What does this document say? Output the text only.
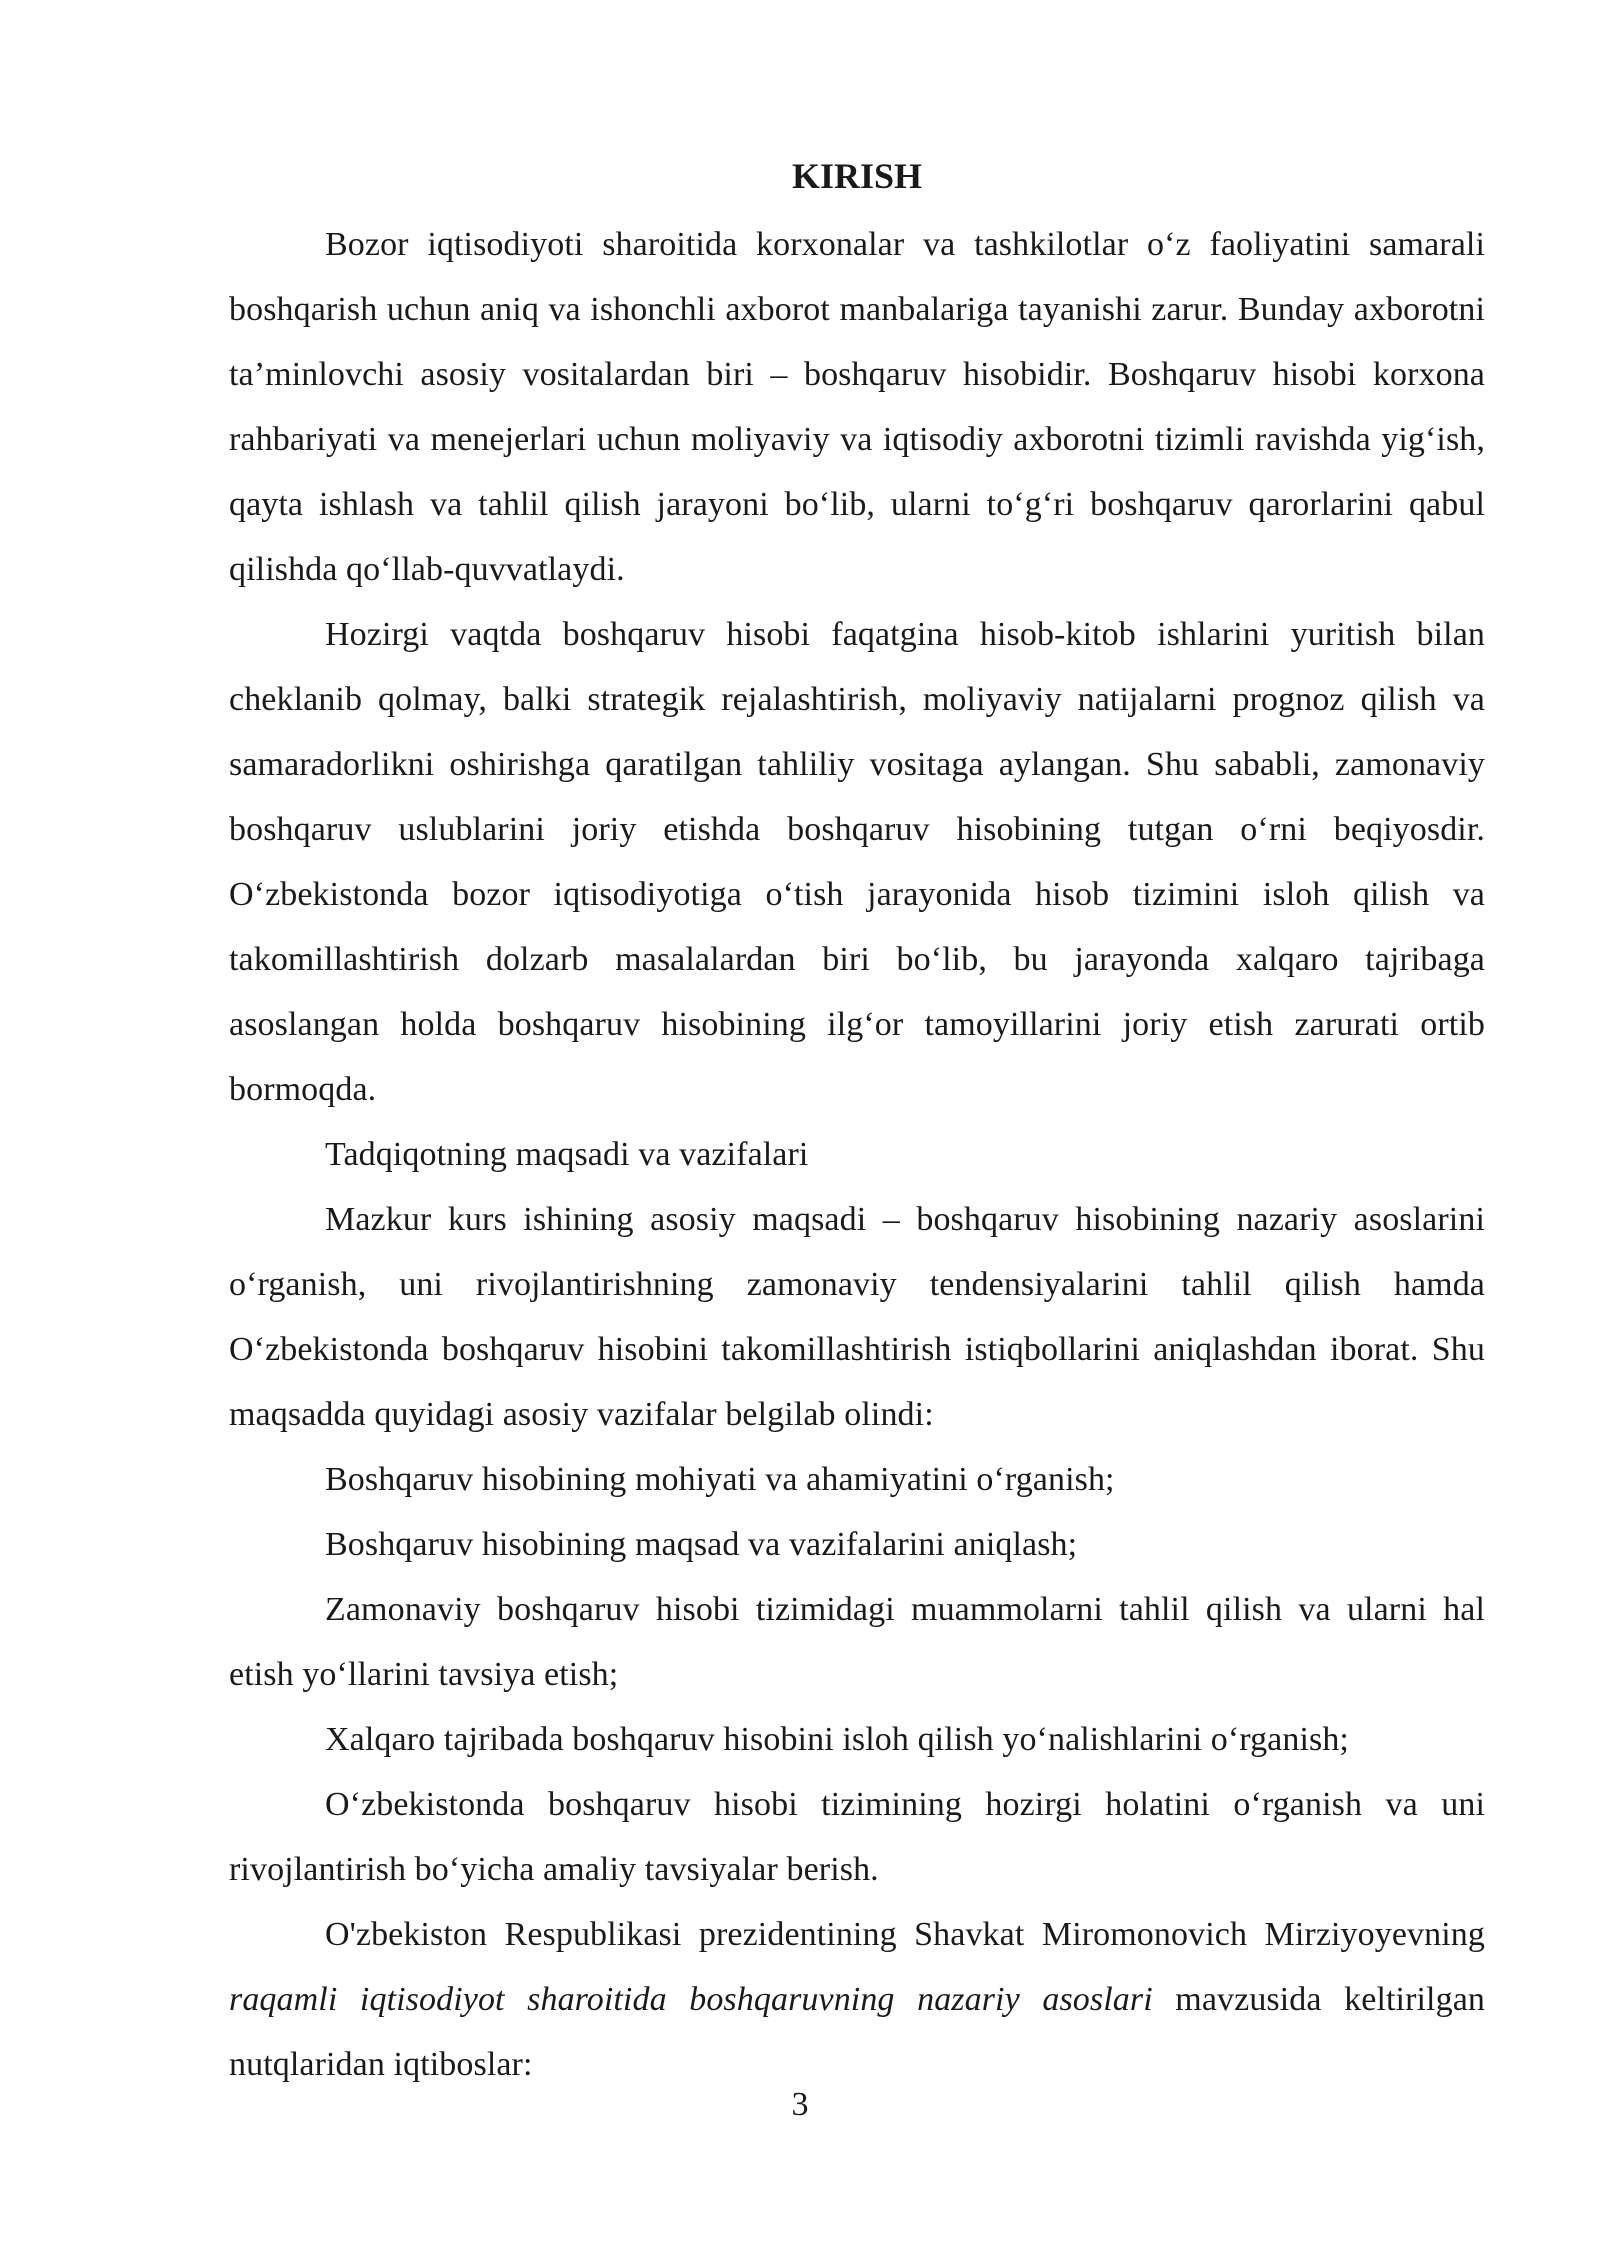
KIRISH

Bozor iqtisodiyoti sharoitida korxonalar va tashkilotlar o‘z faoliyatini samarali boshqarish uchun aniq va ishonchli axborot manbalariga tayanishi zarur. Bunday axborotni ta’minlovchi asosiy vositalardan biri – boshqaruv hisobidir. Boshqaruv hisobi korxona rahbariyati va menejerlari uchun moliyaviy va iqtisodiy axborotni tizimli ravishda yig‘ish, qayta ishlash va tahlil qilish jarayoni bo‘lib, ularni to‘g‘ri boshqaruv qarorlarini qabul qilishda qo‘llab-quvvatlaydi.

Hozirgi vaqtda boshqaruv hisobi faqatgina hisob-kitob ishlarini yuritish bilan cheklanib qolmay, balki strategik rejalashtirish, moliyaviy natijalarni prognoz qilish va samaradorlikni oshirishga qaratilgan tahliliy vositaga aylangan. Shu sababli, zamonaviy boshqaruv uslublarini joriy etishda boshqaruv hisobining tutgan o‘rni beqiyosdir. O‘zbekistonda bozor iqtisodiyotiga o‘tish jarayonida hisob tizimini isloh qilish va takomillashtirish dolzarb masalalardan biri bo‘lib, bu jarayonda xalqaro tajribaga asoslangan holda boshqaruv hisobining ilg‘or tamoyillarini joriy etish zarurati ortib bormoqda.

Tadqiqotning maqsadi va vazifalari

Mazkur kurs ishining asosiy maqsadi – boshqaruv hisobining nazariy asoslarini o‘rganish, uni rivojlantirishning zamonaviy tendensiyalarini tahlil qilish hamda O‘zbekistonda boshqaruv hisobini takomillashtirish istiqbollarini aniqlashdan iborat. Shu maqsadda quyidagi asosiy vazifalar belgilab olindi:

Boshqaruv hisobining mohiyati va ahamiyatini o‘rganish;

Boshqaruv hisobining maqsad va vazifalarini aniqlash;

Zamonaviy boshqaruv hisobi tizimidagi muammolarni tahlil qilish va ularni hal etish yo‘llarini tavsiya etish;

Xalqaro tajribada boshqaruv hisobini isloh qilish yo‘nalishlarini o‘rganish;

O‘zbekistonda boshqaruv hisobi tizimining hozirgi holatini o‘rganish va uni rivojlantirish bo‘yicha amaliy tavsiyalar berish.

O'zbekiston Respublikasi prezidentining Shavkat Miromonovich Mirziyoyevning raqamli iqtisodiyot sharoitida boshqaruvning nazariy asoslari mavzusida keltirilgan nutqlaridan iqtiboslar:

3
